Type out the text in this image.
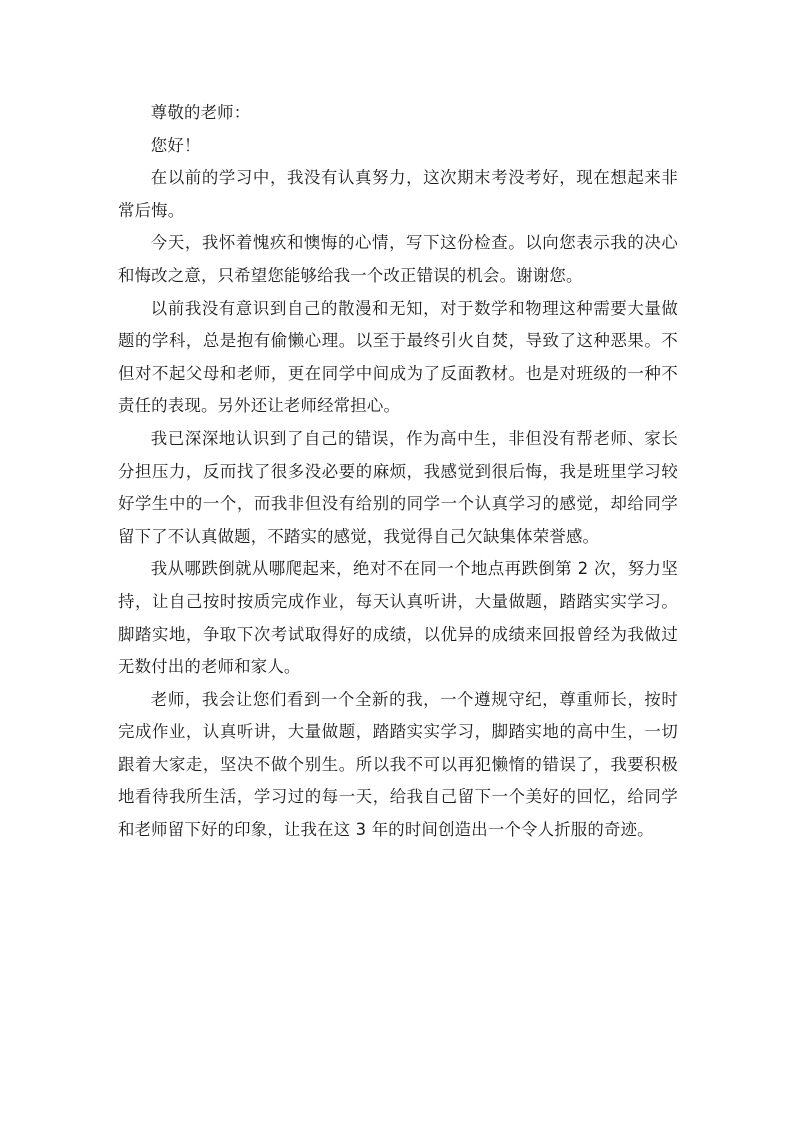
尊敬的老师：

您好！

在以前的学习中，我没有认真努力，这次期末考没考好，现在想起来非常后悔。

今天，我怀着愧疚和懊悔的心情，写下这份检查。以向您表示我的决心和悔改之意，只希望您能够给我一个改正错误的机会。谢谢您。

以前我没有意识到自己的散漫和无知，对于数学和物理这种需要大量做题的学科，总是抱有偷懒心理。以至于最终引火自焚，导致了这种恶果。不但对不起父母和老师，更在同学中间成为了反面教材。也是对班级的一种不责任的表现。另外还让老师经常担心。

我已深深地认识到了自己的错误，作为高中生，非但没有帮老师、家长分担压力，反而找了很多没必要的麻烦，我感觉到很后悔，我是班里学习较好学生中的一个，而我非但没有给别的同学一个认真学习的感觉，却给同学留下了不认真做题，不踏实的感觉，我觉得自己欠缺集体荣誉感。

我从哪跌倒就从哪爬起来，绝对不在同一个地点再跌倒第 2 次，努力坚持，让自己按时按质完成作业，每天认真听讲，大量做题，踏踏实实学习。脚踏实地，争取下次考试取得好的成绩，以优异的成绩来回报曾经为我做过无数付出的老师和家人。

老师，我会让您们看到一个全新的我，一个遵规守纪，尊重师长，按时完成作业，认真听讲，大量做题，踏踏实实学习，脚踏实地的高中生，一切跟着大家走，坚决不做个别生。所以我不可以再犯懒惰的错误了，我要积极地看待我所生活，学习过的每一天，给我自己留下一个美好的回忆，给同学和老师留下好的印象，让我在这 3 年的时间创造出一个令人折服的奇迹。
